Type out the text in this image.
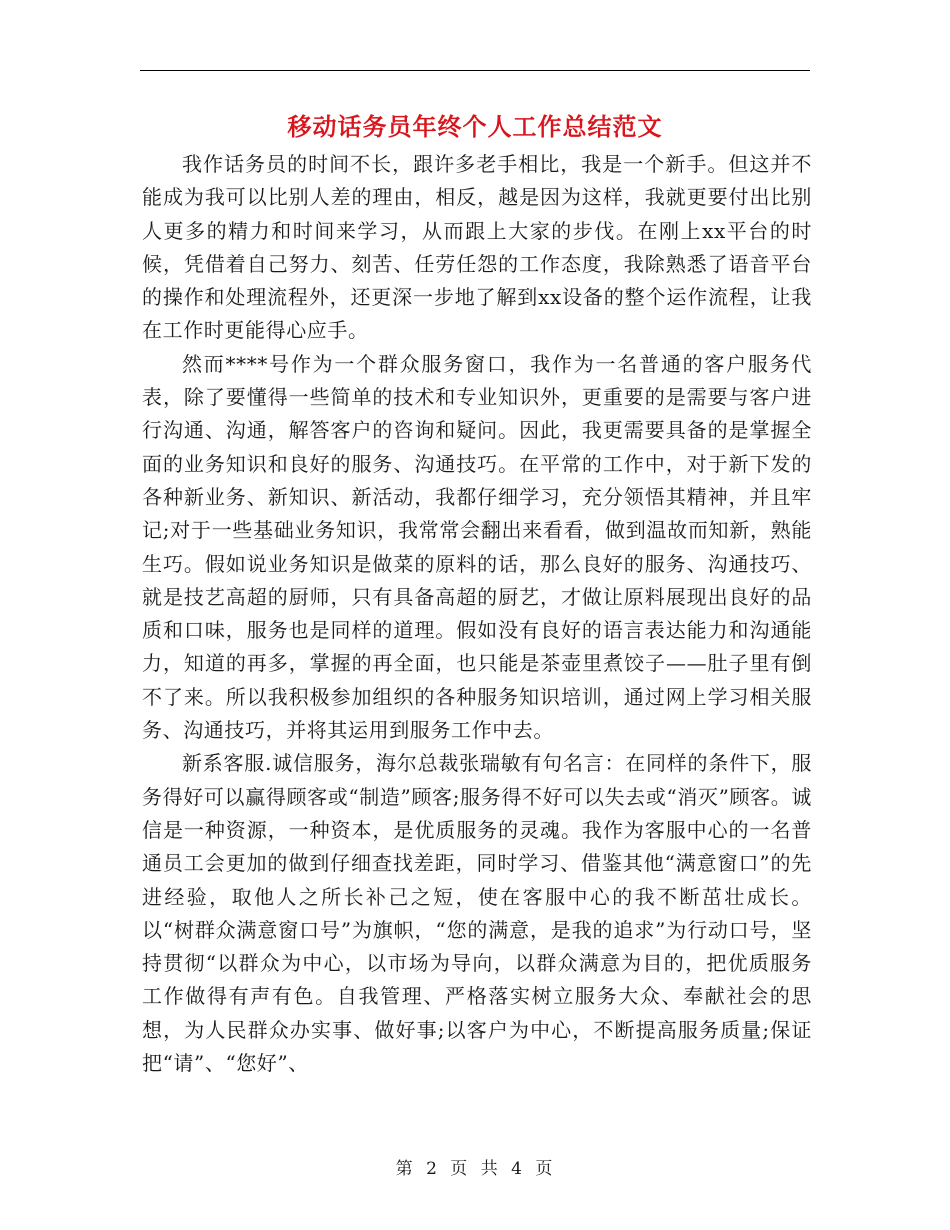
移动话务员年终个人工作总结范文

我作话务员的时间不长，跟许多老手相比，我是一个新手。但这并不能成为我可以比别人差的理由，相反，越是因为这样，我就更要付出比别人更多的精力和时间来学习，从而跟上大家的步伐。在刚上xx平台的时候，凭借着自己努力、刻苦、任劳任怨的工作态度，我除熟悉了语音平台的操作和处理流程外，还更深一步地了解到xx设备的整个运作流程，让我在工作时更能得心应手。

然而****号作为一个群众服务窗口，我作为一名普通的客户服务代表，除了要懂得一些简单的技术和专业知识外，更重要的是需要与客户进行沟通、沟通，解答客户的咨询和疑问。因此，我更需要具备的是掌握全面的业务知识和良好的服务、沟通技巧。在平常的工作中，对于新下发的各种新业务、新知识、新活动，我都仔细学习，充分领悟其精神，并且牢记;对于一些基础业务知识，我常常会翻出来看看，做到温故而知新，熟能生巧。假如说业务知识是做菜的原料的话，那么良好的服务、沟通技巧、就是技艺高超的厨师，只有具备高超的厨艺，才做让原料展现出良好的品质和口味，服务也是同样的道理。假如没有良好的语言表达能力和沟通能力，知道的再多，掌握的再全面，也只能是茶壶里煮饺子——肚子里有倒不了来。所以我积极参加组织的各种服务知识培训，通过网上学习相关服务、沟通技巧，并将其运用到服务工作中去。

新系客服.诚信服务，海尔总裁张瑞敏有句名言：在同样的条件下，服务得好可以赢得顾客或“制造”顾客;服务得不好可以失去或“消灭”顾客。诚信是一种资源，一种资本，是优质服务的灵魂。我作为客服中心的一名普通员工会更加的做到仔细查找差距，同时学习、借鉴其他“满意窗口”的先进经验，取他人之所长补己之短，使在客服中心的我不断茁壮成长。以“树群众满意窗口号”为旗帜，“您的满意，是我的追求”为行动口号，坚持贯彻“以群众为中心，以市场为导向，以群众满意为目的，把优质服务工作做得有声有色。自我管理、严格落实树立服务大众、奉献社会的思想，为人民群众办实事、做好事;以客户为中心，不断提高服务质量;保证把“请”、“您好”、

第 2 页 共 4 页
